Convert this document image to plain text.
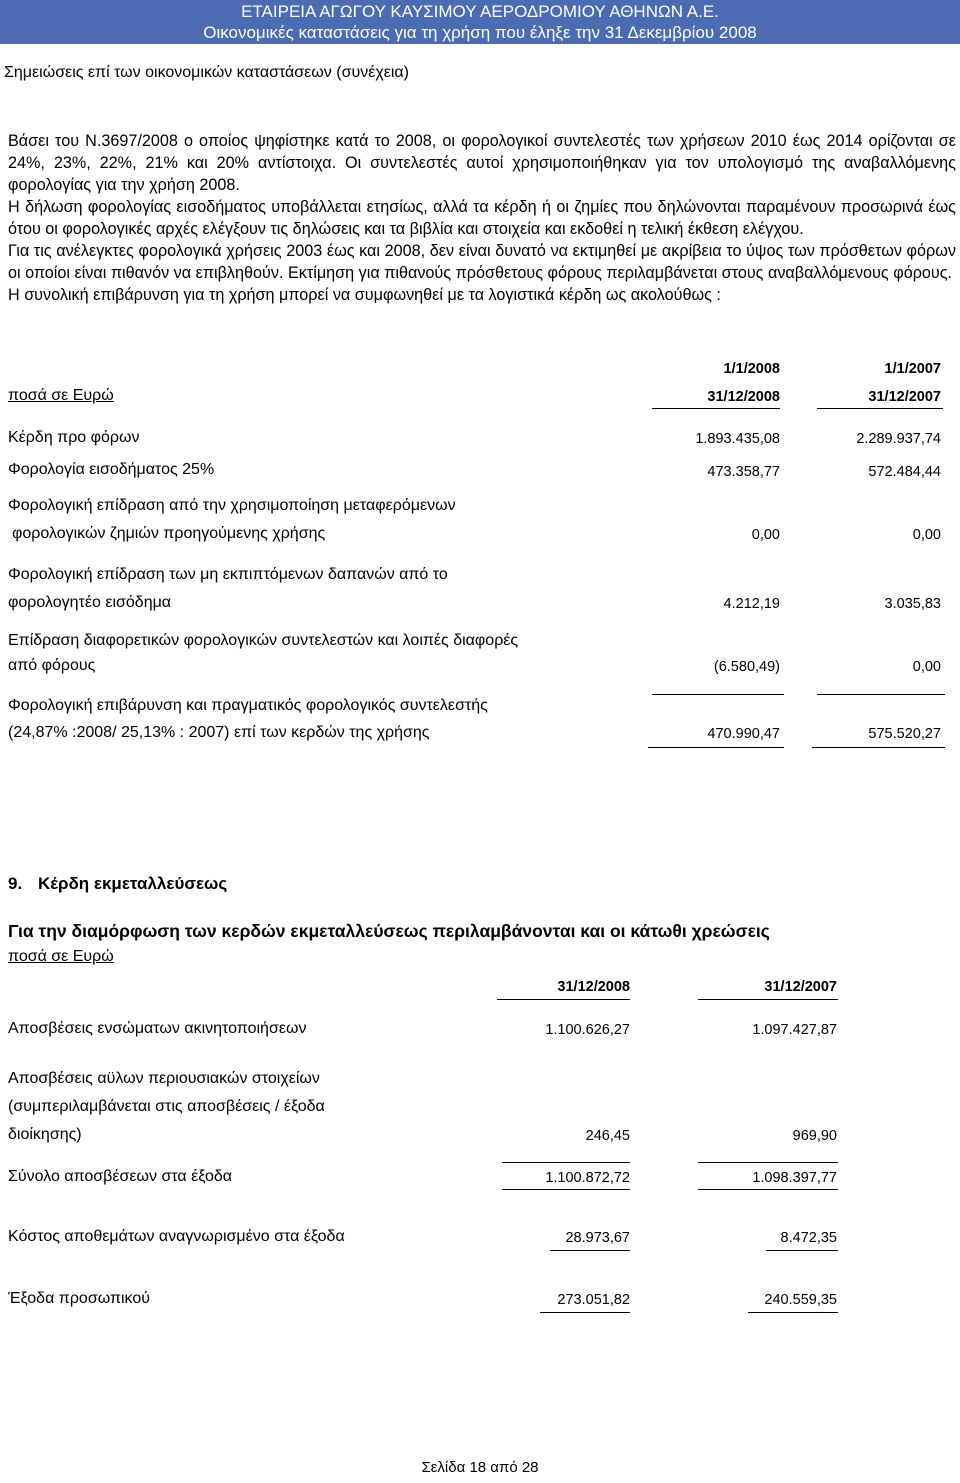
ΕΤΑΙΡΕΙΑ ΑΓΩΓΟΥ ΚΑΥΣΙΜΟΥ ΑΕΡΟΔΡΟΜΙΟΥ ΑΘΗΝΩΝ Α.Ε.
Οικονομικές καταστάσεις για τη χρήση που έληξε την 31 Δεκεμβρίου 2008
Σημειώσεις επί των οικονομικών καταστάσεων (συνέχεια)

Βάσει του Ν.3697/2008 ο οποίος ψηφίστηκε κατά το 2008, οι φορολογικοί συντελεστές των χρήσεων 2010 έως 2014 ορίζονται σε 24%, 23%, 22%, 21% και 20% αντίστοιχα. Οι συντελεστές αυτοί χρησιμοποιήθηκαν για τον υπολογισμό της αναβαλλόμενης φορολογίας για την χρήση 2008.

Η δήλωση φορολογίας εισοδήματος υποβάλλεται ετησίως, αλλά τα κέρδη ή οι ζημίες που δηλώνονται παραμένουν προσωρινά έως ότου οι φορολογικές αρχές ελέγξουν τις δηλώσεις και τα βιβλία και στοιχεία και εκδοθεί η τελική έκθεση ελέγχου.

Για τις ανέλεγκτες φορολογικά χρήσεις 2003 έως και 2008, δεν είναι δυνατό να εκτιμηθεί με ακρίβεια το ύψος των πρόσθετων φόρων οι οποίοι είναι πιθανόν να επιβληθούν. Εκτίμηση για πιθανούς πρόσθετους φόρους περιλαμβάνεται στους αναβαλλόμενους φόρους.

Η συνολική επιβάρυνση για τη χρήση μπορεί να συμφωνηθεί με τα λογιστικά κέρδη ως ακολούθως :

1/1/2008	1/1/2007
ποσά σε Ευρώ	31/12/2008	31/12/2007
Κέρδη προ φόρων	1.893.435,08	2.289.937,74
Φορολογία εισοδήματος 25%	473.358,77	572.484,44
Φορολογική επίδραση από την χρησιμοποίηση μεταφερόμενων
φορολογικών ζημιών προηγούμενης χρήσης	0,00	0,00
Φορολογική επίδραση των μη εκπιπτόμενων δαπανών από το
φορολογητέο εισόδημα	4.212,19	3.035,83
Επίδραση διαφορετικών φορολογικών συντελεστών και λοιπές διαφορές
από φόρους	(6.580,49)	0,00
Φορολογική επιβάρυνση και πραγματικός φορολογικός συντελεστής
(24,87% :2008/ 25,13% : 2007) επί των κερδών της χρήσης	470.990,47	575.520,27
9. Κέρδη εκμεταλλεύσεως
Για την διαμόρφωση των κερδών εκμεταλλεύσεως περιλαμβάνονται και οι κάτωθι χρεώσεις
ποσά σε Ευρώ
31/12/2008	31/12/2007
Αποσβέσεις ενσώματων ακινητοποιήσεων	1.100.626,27	1.097.427,87
Αποσβέσεις αϋλων περιουσιακών στοιχείων
(συμπεριλαμβάνεται στις αποσβέσεις / έξοδα
διοίκησης)	246,45	969,90
Σύνολο αποσβέσεων στα έξοδα	1.100.872,72	1.098.397,77
Κόστος αποθεμάτων αναγνωρισμένο στα έξοδα	28.973,67	8.472,35
Έξοδα προσωπικού	273.051,82	240.559,35
Σελίδα 18 από 28
